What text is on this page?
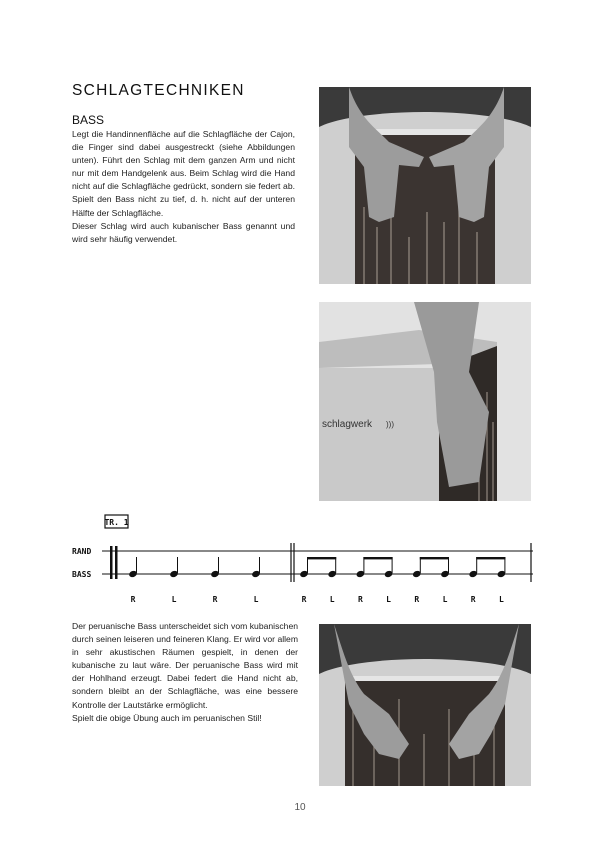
SCHLAGTECHNIKEN
BASS
Legt die Handinnenfläche auf die Schlagfläche der Cajon, die Finger sind dabei ausgestreckt (siehe Abbildungen unten). Führt den Schlag mit dem ganzen Arm und nicht nur mit dem Handgelenk aus. Beim Schlag wird die Hand nicht auf die Schlagfläche gedrückt, sondern sie federt ab. Spielt den Bass nicht zu tief, d. h. nicht auf der unteren Hälfte der Schlagfläche.
Dieser Schlag wird auch kubanischer Bass genannt und wird sehr häufig verwendet.
schlagwerk )))
TR. 1
RAND
BASS
R	L	R	L	R	L	R	L	R	L	R	L
Der peruanische Bass unterscheidet sich vom kubanischen durch seinen leiseren und feineren Klang. Er wird vor allem in sehr akustischen Räumen gespielt, in denen der kubanische zu laut wäre. Der peruanische Bass wird mit der Hohlhand erzeugt. Dabei federt die Hand nicht ab, sondern bleibt an der Schlagfläche, was eine bessere Kontrolle der Lautstärke ermöglicht.
Spielt die obige Übung auch im peruanischen Stil!
10
